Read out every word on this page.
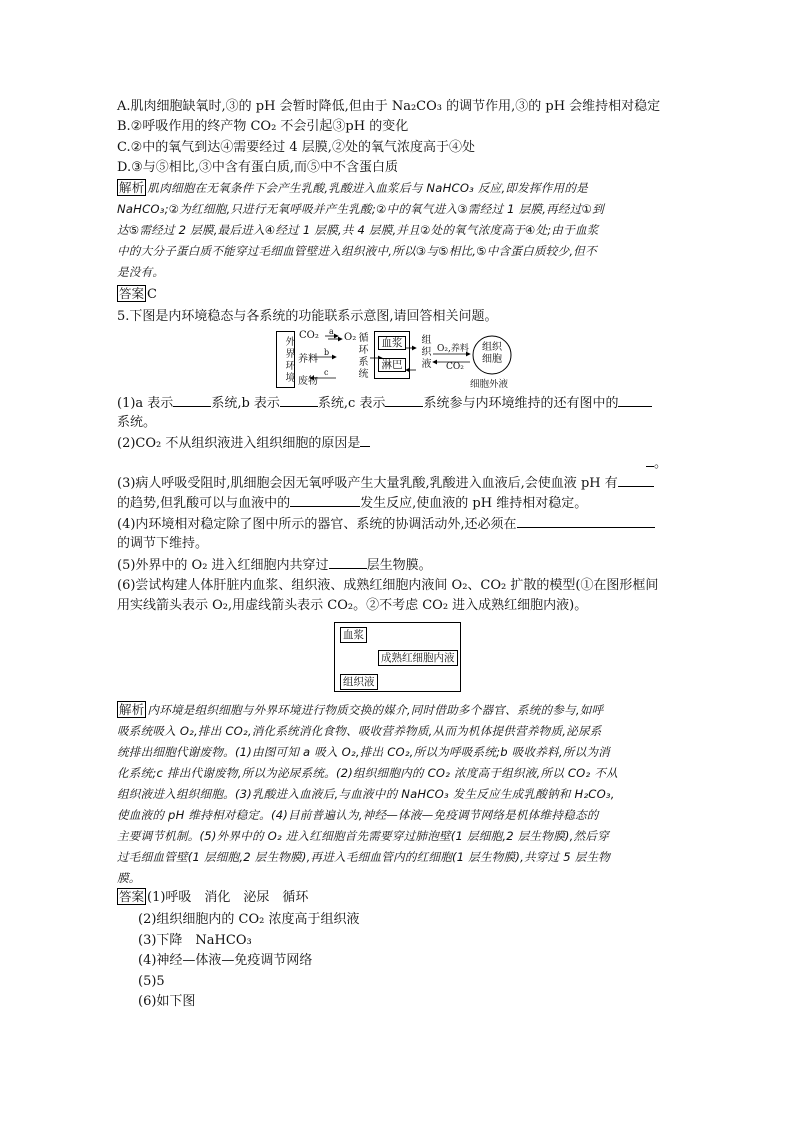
A.肌肉细胞缺氧时,③的 pH 会暂时降低,但由于 Na₂CO₃ 的调节作用,③的 pH 会维持相对稳定
B.②呼吸作用的终产物 CO₂ 不会引起③pH 的变化
C.②中的氧气到达④需要经过 4 层膜,②处的氧气浓度高于④处
D.③与⑤相比,③中含有蛋白质,而⑤中不含蛋白质
解析 肌肉细胞在无氧条件下会产生乳酸,乳酸进入血浆后与 NaHCO₃ 反应,即发挥作用的是
NaHCO₃;②为红细胞,只进行无氧呼吸并产生乳酸;②中的氧气进入③需经过 1 层膜,再经过①到
达⑤需经过 2 层膜,最后进入④经过 1 层膜,共 4 层膜,并且②处的氧气浓度高于④处;由于血浆
中的大分子蛋白质不能穿过毛细血管壁进入组织液中,所以③与⑤相比,⑤中含蛋白质较少,但不
是没有。
答案 C
5.下图是内环境稳态与各系统的功能联系示意图,请回答相关问题。
外界环境 CO₂ a
O₂
b
养料
c
废物
循环系统	血浆
淋巴	组织液 O₂,养料
CO₂
组织细胞
细胞外液
(1)a 表示	系统,b 表示	系统,c 表示	系统参与内环境维持的还有图中的
系统。
(2)CO₂ 不从组织液进入组织细胞的原因是
。
(3)病人呼吸受阻时,肌细胞会因无氧呼吸产生大量乳酸,乳酸进入血液后,会使血液 pH 有
的趋势,但乳酸可以与血液中的	发生反应,使血液的 pH 维持相对稳定。
(4)内环境相对稳定除了图中所示的器官、系统的协调活动外,还必须在
的调节下维持。
(5)外界中的 O₂ 进入红细胞内共穿过	层生物膜。
(6)尝试构建人体肝脏内血浆、组织液、成熟红细胞内液间 O₂、CO₂ 扩散的模型(①在图形框间
用实线箭头表示 O₂,用虚线箭头表示 CO₂。②不考虑 CO₂ 进入成熟红细胞内液)。
血浆
成熟红细胞内液
组织液
解析 内环境是组织细胞与外界环境进行物质交换的媒介,同时借助多个器官、系统的参与,如呼
吸系统吸入 O₂,排出 CO₂,消化系统消化食物、吸收营养物质,从而为机体提供营养物质,泌尿系
统排出细胞代谢废物。(1)由图可知 a 吸入 O₂,排出 CO₂,所以为呼吸系统;b 吸收养料,所以为消
化系统;c 排出代谢废物,所以为泌尿系统。(2)组织细胞内的 CO₂ 浓度高于组织液,所以 CO₂ 不从
组织液进入组织细胞。(3)乳酸进入血液后,与血液中的 NaHCO₃ 发生反应生成乳酸钠和 H₂CO₃,
使血液的 pH 维持相对稳定。(4)目前普遍认为,神经—体液—免疫调节网络是机体维持稳态的
主要调节机制。(5)外界中的 O₂ 进入红细胞首先需要穿过肺泡壁(1 层细胞,2 层生物膜),然后穿
过毛细血管壁(1 层细胞,2 层生物膜),再进入毛细血管内的红细胞(1 层生物膜),共穿过 5 层生物
膜。
答案 (1)呼吸　消化　泌尿　循环
(2)组织细胞内的 CO₂ 浓度高于组织液
(3)下降　NaHCO₃
(4)神经—体液—免疫调节网络
(5)5
(6)如下图
